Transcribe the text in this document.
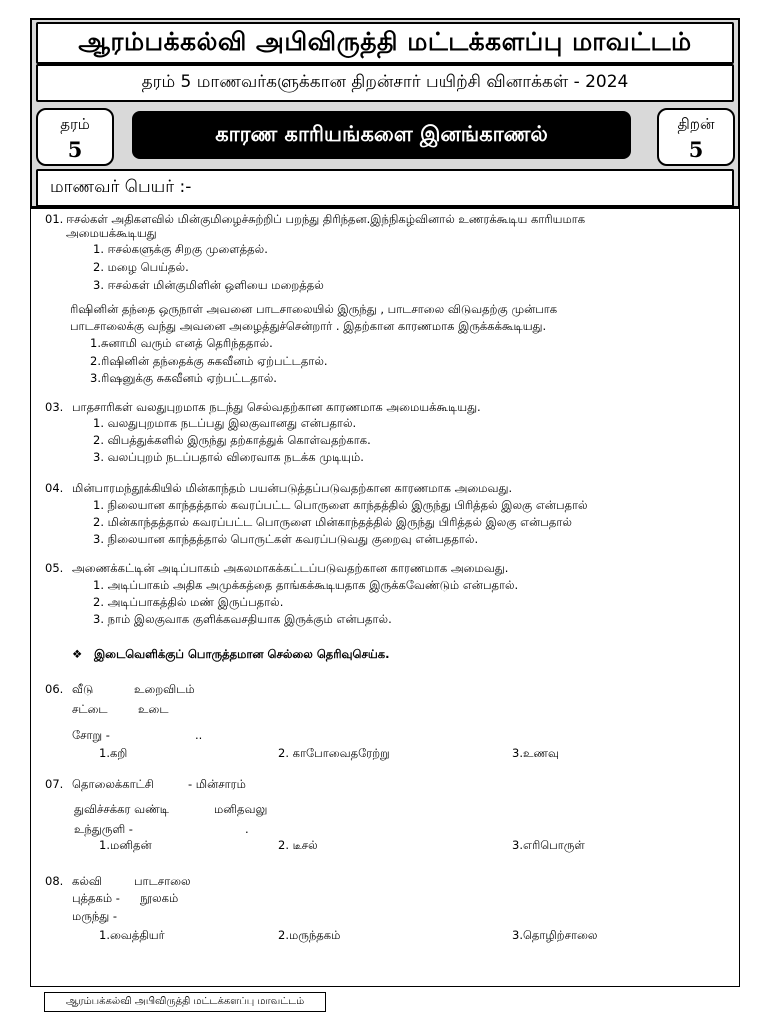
ஆரம்பக்கல்வி அபிவிருத்தி மட்டக்களப்பு மாவட்டம்
தரம் 5 மாணவர்களுக்கான திறன்சார் பயிற்சி வினாக்கள் - 2024
தரம்
5
காரண காரியங்களை இனங்காணல்	திறன்
5
மாணவர் பெயர் :-
01. ஈசல்கள் அதிகளவில் மின்குமிழைச்சுற்றிப் பறந்து திரிந்தன.இந்நிகழ்வினால் உணரக்கூடிய காரியமாக
அமையக்கூடியது
1. ஈசல்களுக்கு சிறகு முளைத்தல்.
2. மழை பெய்தல்.
3. ஈசல்கள் மின்குமிளின் ஒளியை மறைத்தல்
ரிஷினின் தந்தை ஒருநாள் அவனை பாடசாலையில் இருந்து , பாடசாலை விடுவதற்கு முன்பாக
பாடசாலைக்கு வந்து அவனை அழைத்துச்சென்றார் . இதற்கான காரணமாக இருக்கக்கூடியது.
1.சுனாமி வரும் எனத் தெரிந்ததால்.
2.ரிஷினின் தந்தைக்கு சுகவீனம் ஏற்பட்டதால்.
3.ரிஷனுக்கு சுகவீனம் ஏற்பட்டதால்.
03. பாதசாரிகள் வலதுபுறமாக நடந்து செல்வதற்கான காரணமாக அமையக்கூடியது.
1. வலதுபுறமாக நடப்பது இலகுவானது என்பதால்.
2. விபத்துக்களில் இருந்து தற்காத்துக் கொள்வதற்காக.
3. வலப்புறம் நடப்பதால் விரைவாக நடக்க முடியும்.
04. மின்பாரமந்தூக்கியில் மின்காந்தம் பயன்படுத்தப்படுவதற்கான காரணமாக அமைவது.
1. நிலையான காந்தத்தால் கவரப்பட்ட பொருளை காந்தத்தில் இருந்து பிரித்தல் இலகு என்பதால்
2. மின்காந்தத்தால் கவரப்பட்ட பொருளை மின்காந்தத்தில் இருந்து பிரித்தல் இலகு என்பதால்
3. நிலையான காந்தத்தால் பொருட்கள் கவரப்படுவது குறைவு என்பததால்.
05. அணைக்கட்டின் அடிப்பாகம் அகலமாகக்கட்டப்படுவதற்கான காரணமாக அமைவது.
1. அடிப்பாகம் அதிக அமுக்கத்தை தாங்கக்கூடியதாக இருக்கவேண்டும் என்பதால்.
2. அடிப்பாகத்தில் மண் இருப்பதால்.
3. நாம் இலகுவாக குளிக்கவசதியாக இருக்கும் என்பதால்.
❖ இடைவெளிக்குப் பொருத்தமான செல்லை தெரிவுசெய்க.
06. வீடு	உறைவிடம்
சட்டை	உடை
சோறு -	..
1.கறி	2. காபோவைதரேற்று	3.உணவு
07. தொலைக்காட்சி	- மின்சாரம்
துவிச்சக்கர வண்டி	மனிதவலு
உந்துருளி -	.
1.மனிதன்	2. டீசல்	3.எரிபொருள்
08. கல்வி	பாடசாலை
புத்தகம் - நூலகம்
மருந்து -
1.வைத்தியர்	2.மருந்தகம்	3.தொழிற்சாலை
ஆரம்பக்கல்வி அபிவிருத்தி மட்டக்களப்பு மாவட்டம்
